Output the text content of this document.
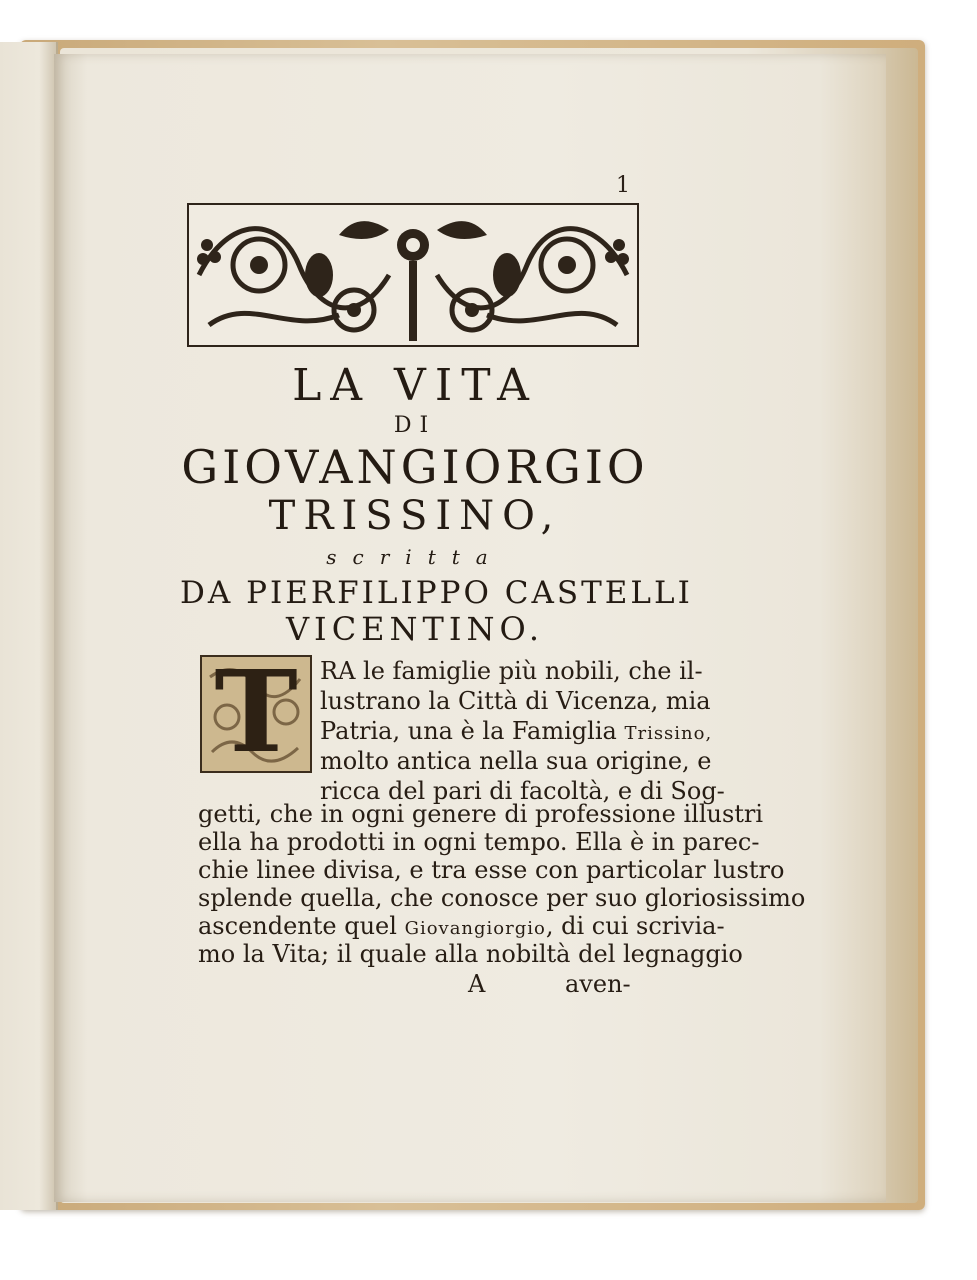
1
LA VITA
DI
GIOVANGIORGIO
TRISSINO,
scritta
DA PIERFILIPPO CASTELLI
VICENTINO.
T RA le famiglie più nobili, che il-
lustrano la Città di Vicenza, mia
Patria, una è la Famiglia Trissino,
molto antica nella sua origine, e
ricca del pari di facoltà, e di Sog-
getti, che in ogni genere di professione illustri
ella ha prodotti in ogni tempo. Ella è in parec-
chie linee divisa, e tra esse con particolar lustro
splende quella, che conosce per suo gloriosissimo
ascendente quel Giovangiorgio, di cui scrivia-
mo la Vita; il quale alla nobiltà del legnaggio
A	aven-
